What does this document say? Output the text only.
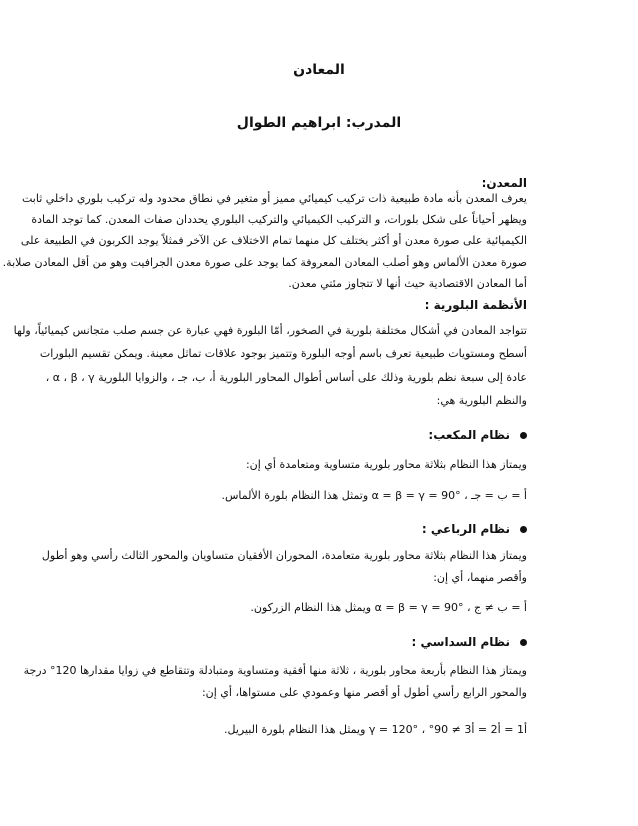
المعادن
المدرب: ابراهيم الطوال
المعدن:
يعرف المعدن بأنه مادة طبيعية ذات تركيب كيميائي مميز أو متغير في نطاق محدود وله تركيب بلوري داخلي ثابت
ويظهر أحياناً على شكل بلورات، و التركيب الكيميائي والتركيب البلوري يحددان صفات المعدن. كما توجد المادة
الكيميائية على صورة معدن أو أكثر يختلف كل منهما تمام الاختلاف عن الآخر فمثلاً يوجد الكربون في الطبيعة على
صورة معدن الألماس وهو أصلب المعادن المعروفة كما يوجد على صورة معدن الجرافيت وهو من أقل المعادن صلابة.
أما المعادن الاقتصادية حيث أنها لا تتجاوز مئتي معدن.
الأنظمة البلورية :
تتواجد المعادن في أشكال مختلفة بلورية في الصخور، أمّا البلورة فهي عبارة عن جسم صلب متجانس كيميائياً، ولها
أسطح ومستويات طبيعية تعرف باسم أوجه البلورة وتتميز بوجود علاقات تماثل معينة. ويمكن تقسيم البلورات
عادة إلى سبعة نظم بلورية وذلك على أساس أطوال المحاور البلورية أ، ب، جـ ، والزوايا البلورية α ، β ، γ ،
والنظم البلورية هي:
نظام المكعب:
ويمتاز هذا النظام بثلاثة محاور بلورية متساوية ومتعامدة أي إن:
أ = ب = جـ ، α = β = γ = 90° وتمثل هذا النظام بلورة الألماس.
نظام الرباعي :
ويمتاز هذا النظام بثلاثة محاور بلورية متعامدة، المحوران الأفقيان متساويان والمحور الثالث رأسي وهو أطول
وأقصر منهما، أي إن:
أ = ب ≠ ج ، α = β = γ = 90° ويمثل هذا النظام الزركون.
نظام السداسي :
ويمتاز هذا النظام بأربعة محاور بلورية ، ثلاثة منها أفقية ومتساوية ومتبادلة وتتقاطع في زوايا مقدارها 120° درجة
والمحور الرابع رأسي أطول أو أقصر منها وعمودي على مستواها، أي إن:
أ1 = أ2 = أ3 ≠ 90° ، γ = 120° ويمثل هذا النظام بلورة البيريل.
